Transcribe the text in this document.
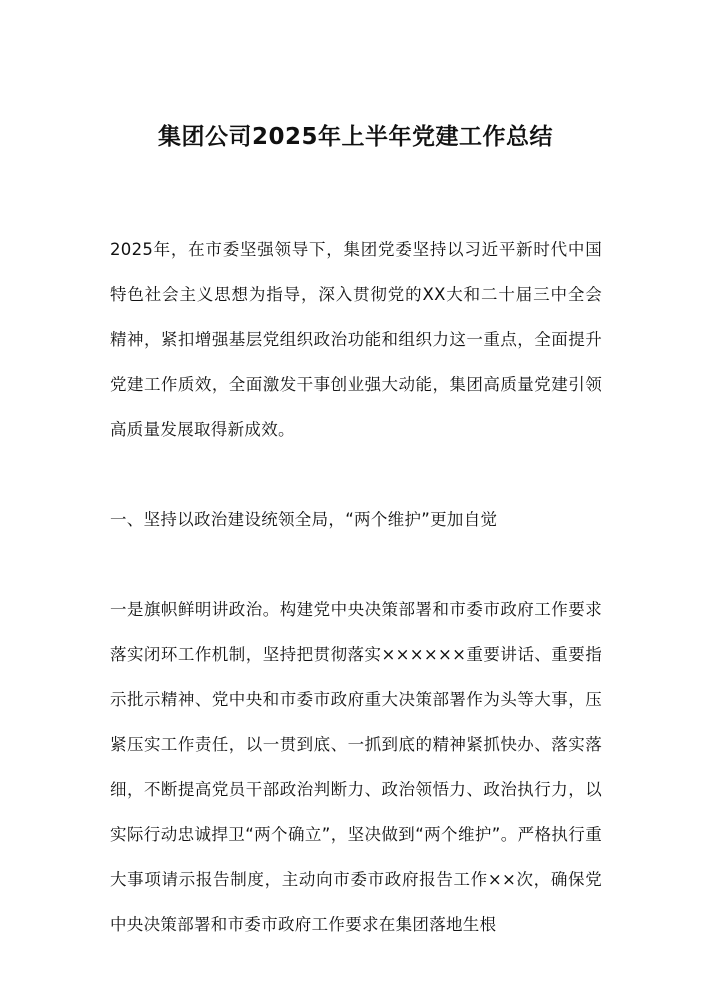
集团公司2025年上半年党建工作总结

2025年，在市委坚强领导下，集团党委坚持以习近平新时代中国特色社会主义思想为指导，深入贯彻党的XX大和二十届三中全会精神，紧扣增强基层党组织政治功能和组织力这一重点，全面提升党建工作质效，全面激发干事创业强大动能，集团高质量党建引领高质量发展取得新成效。

一、坚持以政治建设统领全局，“两个维护”更加自觉

一是旗帜鲜明讲政治。构建党中央决策部署和市委市政府工作要求落实闭环工作机制，坚持把贯彻落实××××××重要讲话、重要指示批示精神、党中央和市委市政府重大决策部署作为头等大事，压紧压实工作责任，以一贯到底、一抓到底的精神紧抓快办、落实落细，不断提高党员干部政治判断力、政治领悟力、政治执行力，以实际行动忠诚捍卫“两个确立”，坚决做到“两个维护”。严格执行重大事项请示报告制度，主动向市委市政府报告工作××次，确保党中央决策部署和市委市政府工作要求在集团落地生根
